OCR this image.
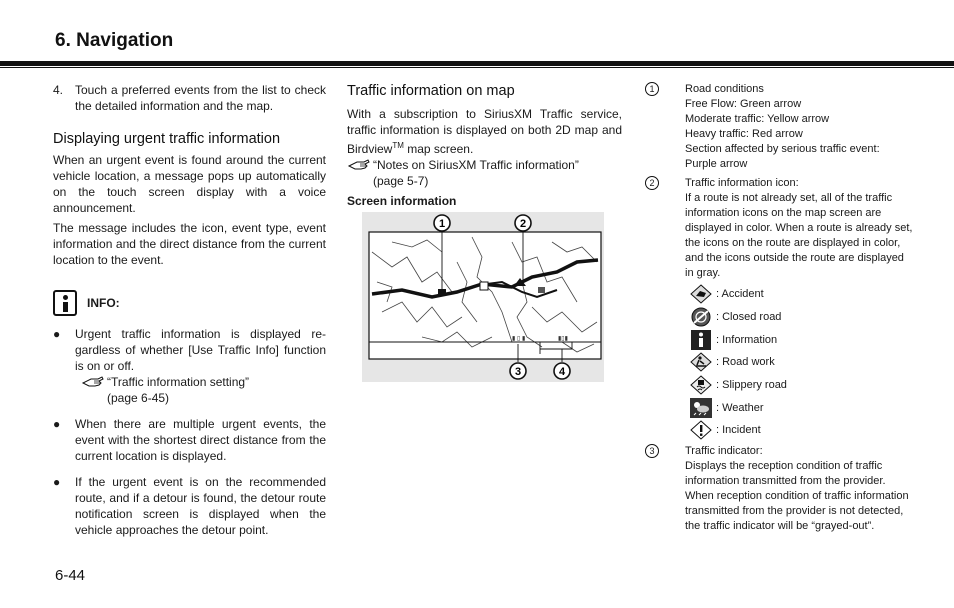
6. Navigation
4. Touch a preferred events from the list to check the detailed information and the map.
Displaying urgent traffic information

When an urgent event is found around the current vehicle location, a message pops up automatically on the touch screen display with a voice announcement.

The message includes the icon, event type, event information and the direct distance from the current location to the event.

INFO:
●	Urgent traffic information is displayed regardless of whether [Use Traffic Info] function is on or off.
“Traffic information setting”
(page 6-45)
●	When there are multiple urgent events, the event with the shortest direct distance from the current location is displayed.
●	If the urgent event is on the recommended route, and if a detour is found, the detour route notification screen is displayed when the vehicle approaches the detour point.
Traffic information on map

With a subscription to SiriusXM Traffic service, traffic information is displayed on both 2D map and Birdview™ map screen.

“Notes on SiriusXM Traffic information”
(page 5-7)
Screen information
▮ ▯ ▮	▮▯▮
1	2
3	4
1	Road conditions
Free Flow: Green arrow
Moderate traffic: Yellow arrow
Heavy traffic: Red arrow
Section affected by serious traffic event:
Purple arrow
2	Traffic information icon:
If a route is not already set, all of the traffic information icons on the map screen are displayed in color. When a route is already set, the icons on the route are displayed in color, and the icons outside the route are displayed in gray.
: Accident
: Closed road
: Information
: Road work
: Slippery road
: Weather
: Incident
3	Traffic indicator:
Displays the reception condition of traffic information transmitted from the provider. When reception condition of traffic information transmitted from the provider is not detected, the traffic indicator will be “grayed-out”.
6-44
